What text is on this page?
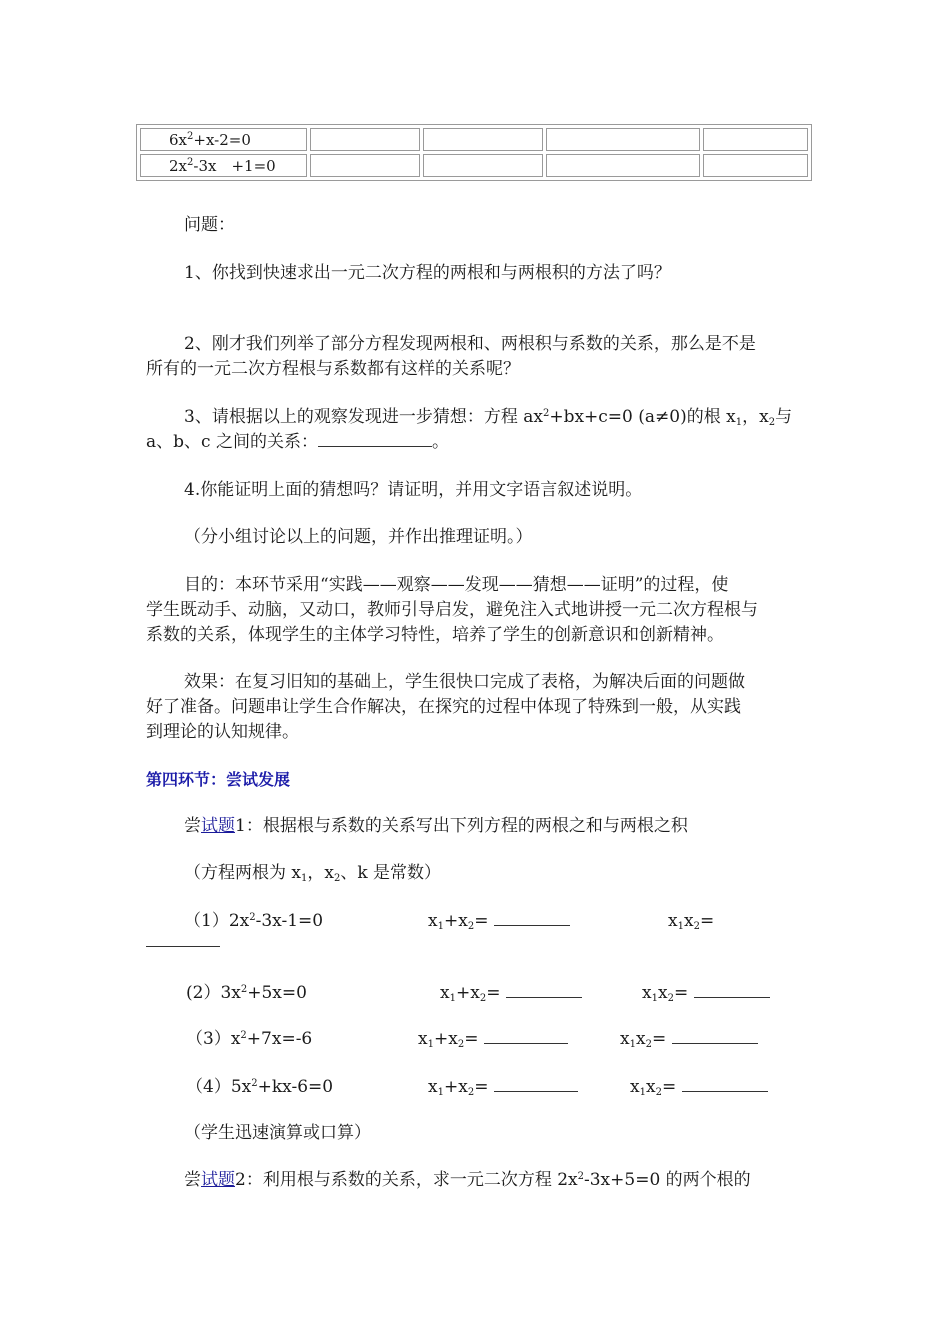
$6x^2+x-2=0$				
$2x^2-3x$　+1=0				
问题：
1、你找到快速求出一元二次方程的两根和与两根积的方法了吗？
2、刚才我们列举了部分方程发现两根和、两根积与系数的关系，那么是不是
所有的一元二次方程根与系数都有这样的关系呢？
3、请根据以上的观察发现进一步猜想：方程 $ax^2+bx+c=0$ (a≠0)的根 $x_1$，$x_2$与
a、b、c 之间的关系：	。
4.你能证明上面的猜想吗？请证明，并用文字语言叙述说明。
（分小组讨论以上的问题，并作出推理证明。）
目的：本环节采用“实践——观察——发现——猜想——证明”的过程，使
学生既动手、动脑，又动口，教师引导启发，避免注入式地讲授一元二次方程根与
系数的关系，体现学生的主体学习特性，培养了学生的创新意识和创新精神。
效果：在复习旧知的基础上，学生很快口完成了表格，为解决后面的问题做
好了准备。问题串让学生合作解决，在探究的过程中体现了特殊到一般，从实践
到理论的认知规律。
第四环节：尝试发展
尝试题1：根据根与系数的关系写出下列方程的两根之和与两根之积
（方程两根为 $x_1$，$x_2$、k 是常数）
$(1)2x^2-3x-1=0$	$x_1+x_2=$	$x_1x_2=$
$(2)3x^2+5x=0$	$x_1+x_2=$	$x_1x_2=$
$(3)x^2+7x=-6$	$x_1+x_2=$	$x_1x_2=$
$(4)5x^2+kx-6=0$	$x_1+x_2=$	$x_1x_2=$
（学生迅速演算或口算）
尝试题2：利用根与系数的关系，求一元二次方程 $2x^2-3x+5=0$ 的两个根的
